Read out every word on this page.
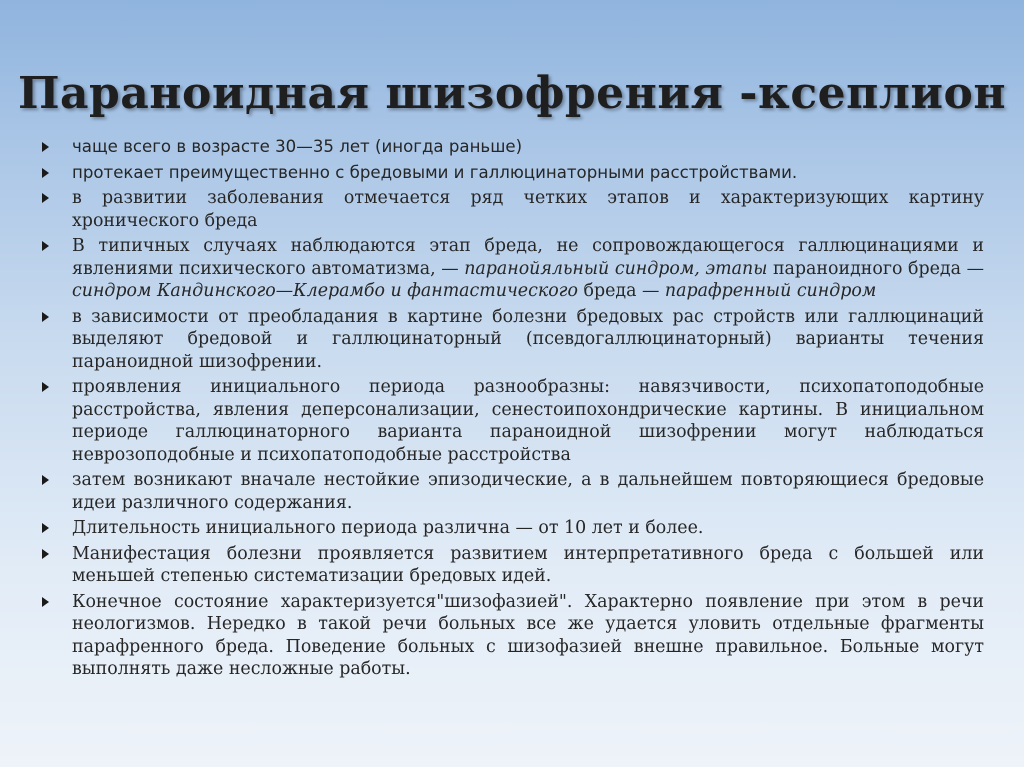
Параноидная шизофрения -ксеплион
чаще всего в возрасте 30—35 лет (иногда раньше)
протекает преимущественно с бредовыми и галлюцинаторными расстройствами.
в развитии заболевания отмечается ряд четких этапов и характеризующих картину хронического бреда
В типичных случаях наблюдаются этап бреда, не сопровождающегося галлюцинациями и явлениями психического автоматизма, — паранойяльный синдром, этапы параноидного бреда — синдром Кандинского—Клерамбо и фантастического бреда — парафренный синдром
в зависимости от преобладания в картине болезни бредовых рас стройств или галлюцинаций выделяют бредовой и галлюцинаторный (псевдогаллюцинаторный) варианты течения параноидной шизофрении.
проявления инициального периода разнообразны: навязчивости, психопатоподобные расстройства, явления деперсонализации, сенестоипохондрические картины. В инициальном периоде галлюцинаторного варианта параноидной шизофрении могут наблюдаться неврозоподобные и психопатоподобные расстройства
затем возникают вначале нестойкие эпизодические, а в дальнейшем повторяющиеся бредовые идеи различного содержания.
Длительность инициального периода различна — от 10 лет и более.
Манифестация болезни проявляется развитием интерпретативного бреда с большей или меньшей степенью систематизации бредовых идей.
Конечное состояние характеризуется"шизофазией". Характерно появление при этом в речи неологизмов. Нередко в такой речи больных все же удается уловить отдельные фрагменты парафренного бреда. Поведение больных с шизофазией внешне правильное. Больные могут выполнять даже несложные работы.
